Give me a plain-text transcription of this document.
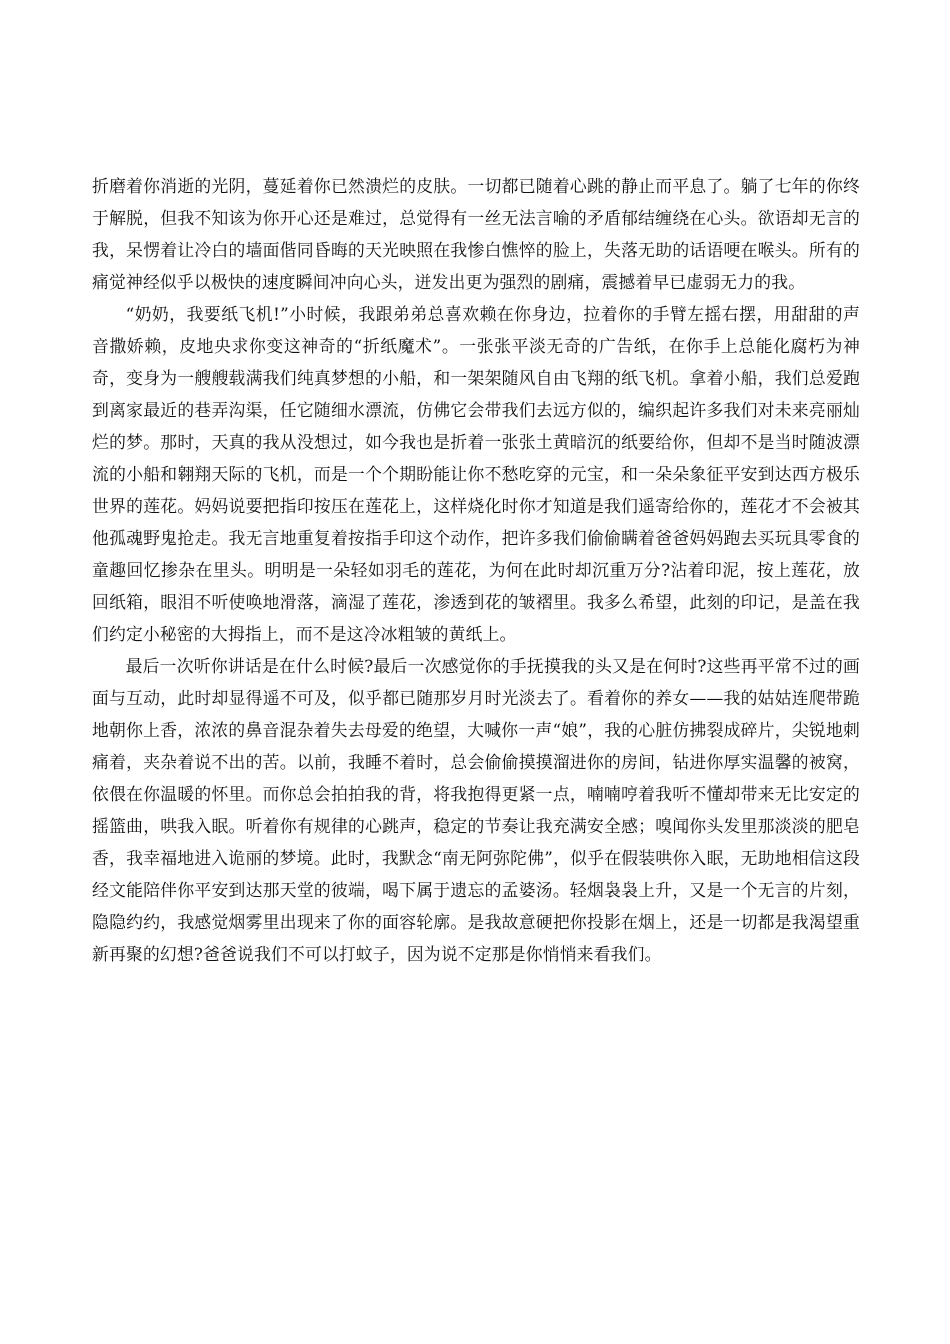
折磨着你消逝的光阴，蔓延着你已然溃烂的皮肤。一切都已随着心跳的静止而平息了。躺了七年的你终于解脱，但我不知该为你开心还是难过，总觉得有一丝无法言喻的矛盾郁结缠绕在心头。欲语却无言的我，呆愣着让冷白的墙面偕同昏晦的天光映照在我惨白憔悴的脸上，失落无助的话语哽在喉头。所有的痛觉神经似乎以极快的速度瞬间冲向心头，迸发出更为强烈的剧痛，震撼着早已虚弱无力的我。

“奶奶，我要纸飞机!”小时候，我跟弟弟总喜欢赖在你身边，拉着你的手臂左摇右摆，用甜甜的声音撒娇赖，皮地央求你变这神奇的“折纸魔术”。一张张平淡无奇的广告纸，在你手上总能化腐朽为神奇，变身为一艘艘载满我们纯真梦想的小船，和一架架随风自由飞翔的纸飞机。拿着小船，我们总爱跑到离家最近的巷弄沟渠，任它随细水漂流，仿佛它会带我们去远方似的，编织起许多我们对未来亮丽灿烂的梦。那时，天真的我从没想过，如今我也是折着一张张土黄暗沉的纸要给你，但却不是当时随波漂流的小船和翱翔天际的飞机，而是一个个期盼能让你不愁吃穿的元宝，和一朵朵象征平安到达西方极乐世界的莲花。妈妈说要把指印按压在莲花上，这样烧化时你才知道是我们遥寄给你的，莲花才不会被其他孤魂野鬼抢走。我无言地重复着按指手印这个动作，把许多我们偷偷瞒着爸爸妈妈跑去买玩具零食的童趣回忆掺杂在里头。明明是一朵轻如羽毛的莲花，为何在此时却沉重万分?沾着印泥，按上莲花，放回纸箱，眼泪不听使唤地滑落，滴湿了莲花，渗透到花的皱褶里。我多么希望，此刻的印记，是盖在我们约定小秘密的大拇指上，而不是这冷冰粗皱的黄纸上。

最后一次听你讲话是在什么时候?最后一次感觉你的手抚摸我的头又是在何时?这些再平常不过的画面与互动，此时却显得遥不可及，似乎都已随那岁月时光淡去了。看着你的养女——我的姑姑连爬带跪地朝你上香，浓浓的鼻音混杂着失去母爱的绝望，大喊你一声“娘”，我的心脏仿拂裂成碎片，尖锐地刺痛着，夹杂着说不出的苦。以前，我睡不着时，总会偷偷摸摸溜进你的房间，钻进你厚实温馨的被窝，依偎在你温暖的怀里。而你总会拍拍我的背，将我抱得更紧一点，喃喃哼着我听不懂却带来无比安定的摇篮曲，哄我入眠。听着你有规律的心跳声，稳定的节奏让我充满安全感；嗅闻你头发里那淡淡的肥皂香，我幸福地进入诡丽的梦境。此时，我默念“南无阿弥陀佛”，似乎在假装哄你入眠，无助地相信这段经文能陪伴你平安到达那天堂的彼端，喝下属于遗忘的孟婆汤。轻烟袅袅上升，又是一个无言的片刻，隐隐约约，我感觉烟雾里出现来了你的面容轮廓。是我故意硬把你投影在烟上，还是一切都是我渴望重新再聚的幻想?爸爸说我们不可以打蚊子，因为说不定那是你悄悄来看我们。
